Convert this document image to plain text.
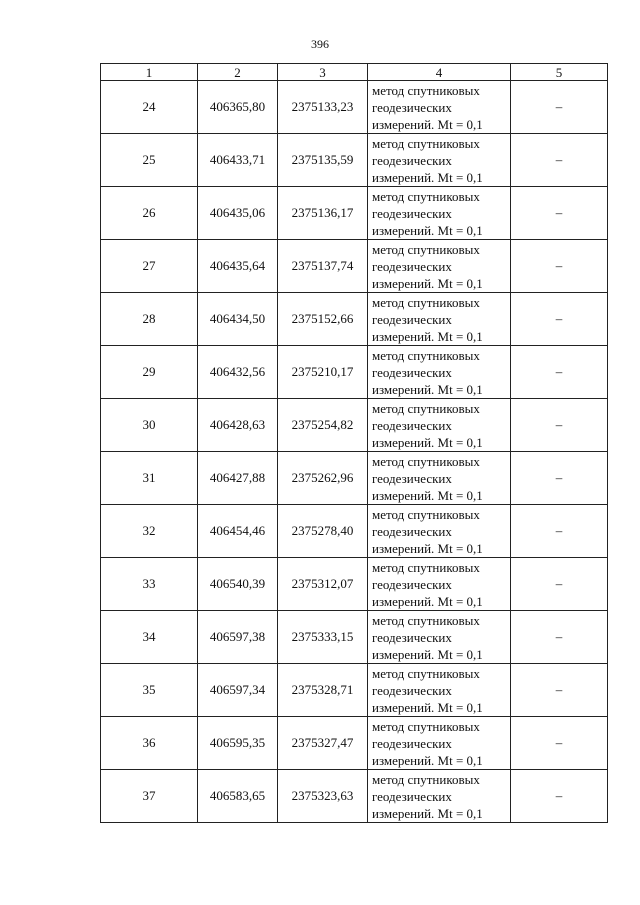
396
1	2	3	4	5
24	406365,80	2375133,23	метод спутниковых
геодезических
измерений. Mt = 0,1	–
25	406433,71	2375135,59	метод спутниковых
геодезических
измерений. Mt = 0,1	–
26	406435,06	2375136,17	метод спутниковых
геодезических
измерений. Mt = 0,1	–
27	406435,64	2375137,74	метод спутниковых
геодезических
измерений. Mt = 0,1	–
28	406434,50	2375152,66	метод спутниковых
геодезических
измерений. Mt = 0,1	–
29	406432,56	2375210,17	метод спутниковых
геодезических
измерений. Mt = 0,1	–
30	406428,63	2375254,82	метод спутниковых
геодезических
измерений. Mt = 0,1	–
31	406427,88	2375262,96	метод спутниковых
геодезических
измерений. Mt = 0,1	–
32	406454,46	2375278,40	метод спутниковых
геодезических
измерений. Mt = 0,1	–
33	406540,39	2375312,07	метод спутниковых
геодезических
измерений. Mt = 0,1	–
34	406597,38	2375333,15	метод спутниковых
геодезических
измерений. Mt = 0,1	–
35	406597,34	2375328,71	метод спутниковых
геодезических
измерений. Mt = 0,1	–
36	406595,35	2375327,47	метод спутниковых
геодезических
измерений. Mt = 0,1	–
37	406583,65	2375323,63	метод спутниковых
геодезических
измерений. Mt = 0,1	–
